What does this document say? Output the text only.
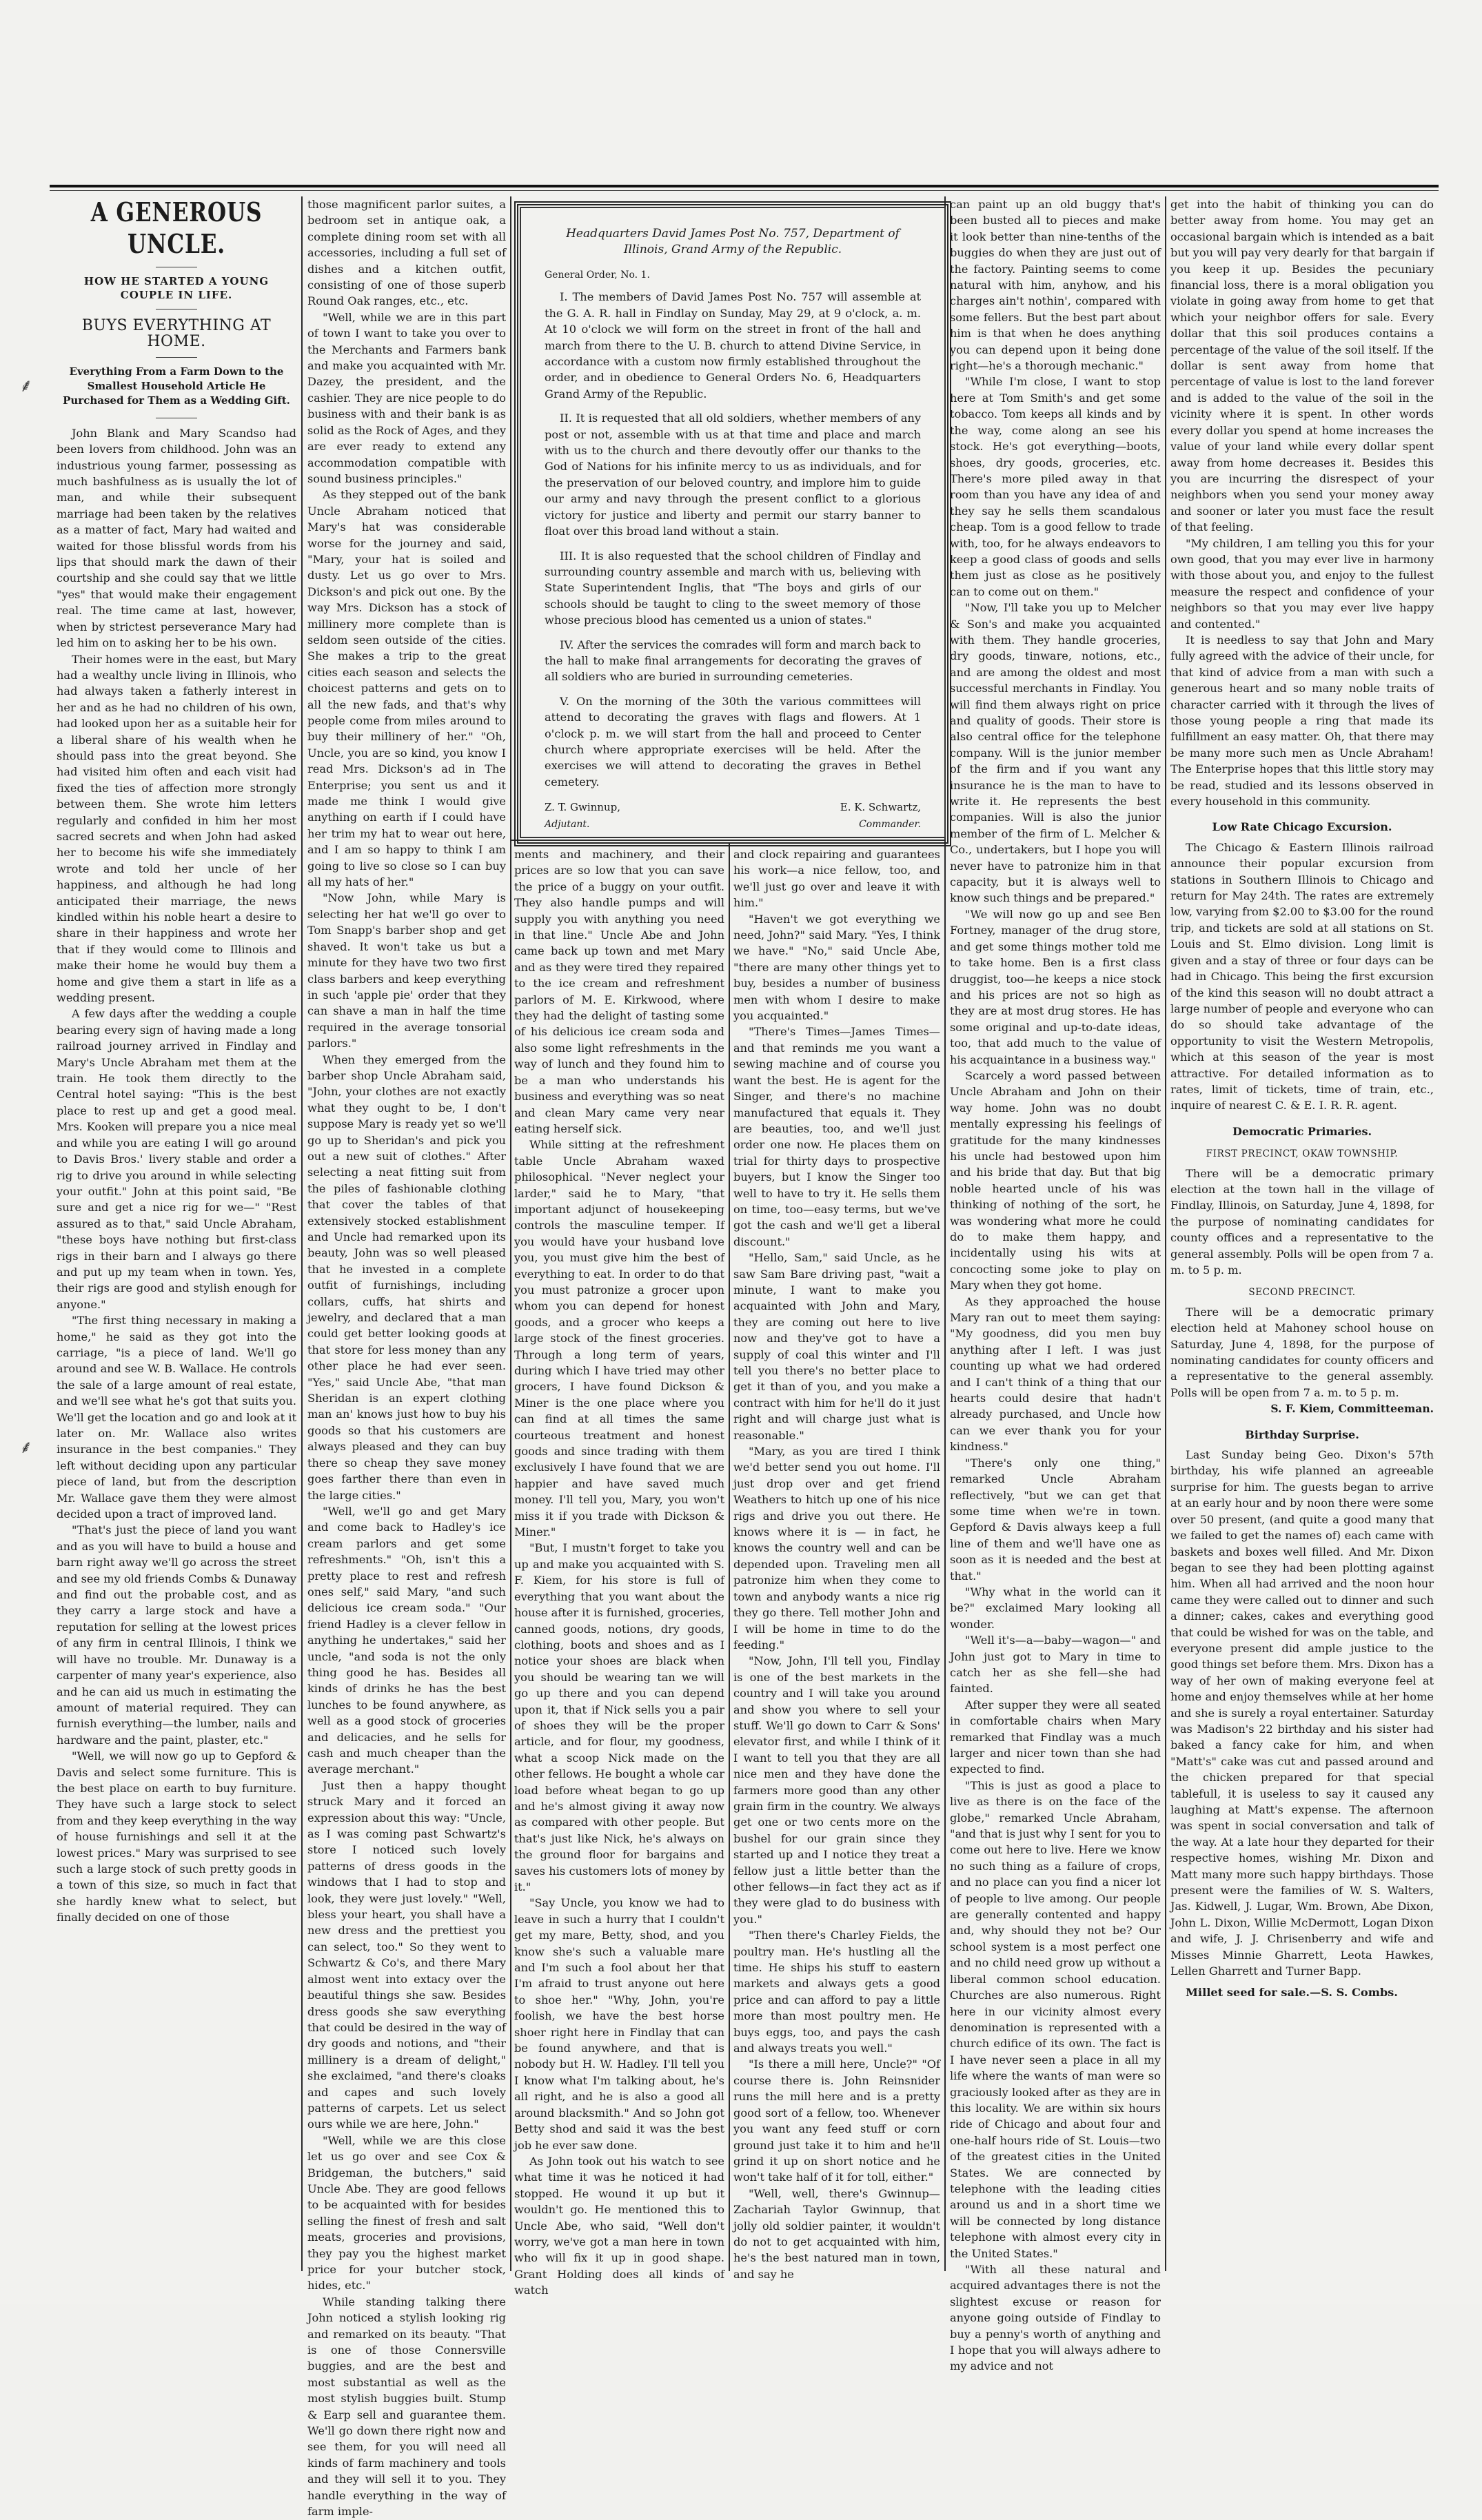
⸙
⸙
A GENEROUS UNCLE.
HOW HE STARTED A YOUNG COUPLE IN LIFE.
BUYS EVERYTHING AT HOME.
Everything From a Farm Down to the Smallest Household Article He Purchased for Them as a Wedding Gift.

John Blank and Mary Scandso had been lovers from childhood. John was an industrious young farmer, possessing as much bashfulness as is usually the lot of man, and while their subsequent marriage had been taken by the relatives as a matter of fact, Mary had waited and waited for those blissful words from his lips that should mark the dawn of their courtship and she could say that we little "yes" that would make their engagement real. The time came at last, however, when by strictest perseverance Mary had led him on to asking her to be his own.

Their homes were in the east, but Mary had a wealthy uncle living in Illinois, who had always taken a fatherly interest in her and as he had no children of his own, had looked upon her as a suitable heir for a liberal share of his wealth when he should pass into the great beyond. She had visited him often and each visit had fixed the ties of affection more strongly between them. She wrote him letters regularly and confided in him her most sacred secrets and when John had asked her to become his wife she immediately wrote and told her uncle of her happiness, and although he had long anticipated their marriage, the news kindled within his noble heart a desire to share in their happiness and wrote her that if they would come to Illinois and make their home he would buy them a home and give them a start in life as a wedding present.

A few days after the wedding a couple bearing every sign of having made a long railroad journey arrived in Findlay and Mary's Uncle Abraham met them at the train. He took them directly to the Central hotel saying: "This is the best place to rest up and get a good meal. Mrs. Kooken will prepare you a nice meal and while you are eating I will go around to Davis Bros.' livery stable and order a rig to drive you around in while selecting your outfit." John at this point said, "Be sure and get a nice rig for we—" "Rest assured as to that," said Uncle Abraham, "these boys have nothing but first-class rigs in their barn and I always go there and put up my team when in town. Yes, their rigs are good and stylish enough for anyone."

"The first thing necessary in making a home," he said as they got into the carriage, "is a piece of land. We'll go around and see W. B. Wallace. He controls the sale of a large amount of real estate, and we'll see what he's got that suits you. We'll get the location and go and look at it later on. Mr. Wallace also writes insurance in the best companies." They left without deciding upon any particular piece of land, but from the description Mr. Wallace gave them they were almost decided upon a tract of improved land.

"That's just the piece of land you want and as you will have to build a house and barn right away we'll go across the street and see my old friends Combs & Dunaway and find out the probable cost, and as they carry a large stock and have a reputation for selling at the lowest prices of any firm in central Illinois, I think we will have no trouble. Mr. Dunaway is a carpenter of many year's experience, also and he can aid us much in estimating the amount of material required. They can furnish everything—the lumber, nails and hardware and the paint, plaster, etc."

"Well, we will now go up to Gepford & Davis and select some furniture. This is the best place on earth to buy furniture. They have such a large stock to select from and they keep everything in the way of house furnishings and sell it at the lowest prices." Mary was surprised to see such a large stock of such pretty goods in a town of this size, so much in fact that she hardly knew what to select, but finally decided on one of those

those magnificent parlor suites, a bedroom set in antique oak, a complete dining room set with all accessories, including a full set of dishes and a kitchen outfit, consisting of one of those superb Round Oak ranges, etc., etc.

"Well, while we are in this part of town I want to take you over to the Merchants and Farmers bank and make you acquainted with Mr. Dazey, the president, and the cashier. They are nice people to do business with and their bank is as solid as the Rock of Ages, and they are ever ready to extend any accommodation compatible with sound business principles."

As they stepped out of the bank Uncle Abraham noticed that Mary's hat was considerable worse for the journey and said, "Mary, your hat is soiled and dusty. Let us go over to Mrs. Dickson's and pick out one. By the way Mrs. Dickson has a stock of millinery more complete than is seldom seen outside of the cities. She makes a trip to the great cities each season and selects the choicest patterns and gets on to all the new fads, and that's why people come from miles around to buy their millinery of her." "Oh, Uncle, you are so kind, you know I read Mrs. Dickson's ad in The Enterprise; you sent us and it made me think I would give anything on earth if I could have her trim my hat to wear out here, and I am so happy to think I am going to live so close so I can buy all my hats of her."

"Now John, while Mary is selecting her hat we'll go over to Tom Snapp's barber shop and get shaved. It won't take us but a minute for they have two two first class barbers and keep everything in such 'apple pie' order that they can shave a man in half the time required in the average tonsorial parlors."

When they emerged from the barber shop Uncle Abraham said, "John, your clothes are not exactly what they ought to be, I don't suppose Mary is ready yet so we'll go up to Sheridan's and pick you out a new suit of clothes." After selecting a neat fitting suit from the piles of fashionable clothing that cover the tables of that extensively stocked establishment and Uncle had remarked upon its beauty, John was so well pleased that he invested in a complete outfit of furnishings, including collars, cuffs, hat shirts and jewelry, and declared that a man could get better looking goods at that store for less money than any other place he had ever seen. "Yes," said Uncle Abe, "that man Sheridan is an expert clothing man an' knows just how to buy his goods so that his customers are always pleased and they can buy there so cheap they save money goes farther there than even in the large cities."

"Well, we'll go and get Mary and come back to Hadley's ice cream parlors and get some refreshments." "Oh, isn't this a pretty place to rest and refresh ones self," said Mary, "and such delicious ice cream soda." "Our friend Hadley is a clever fellow in anything he undertakes," said her uncle, "and soda is not the only thing good he has. Besides all kinds of drinks he has the best lunches to be found anywhere, as well as a good stock of groceries and delicacies, and he sells for cash and much cheaper than the average merchant."

Just then a happy thought struck Mary and it forced an expression about this way: "Uncle, as I was coming past Schwartz's store I noticed such lovely patterns of dress goods in the windows that I had to stop and look, they were just lovely." "Well, bless your heart, you shall have a new dress and the prettiest you can select, too." So they went to Schwartz & Co's, and there Mary almost went into extacy over the beautiful things she saw. Besides dress goods she saw everything that could be desired in the way of dry goods and notions, and "their millinery is a dream of delight," she exclaimed, "and there's cloaks and capes and such lovely patterns of carpets. Let us select ours while we are here, John."

"Well, while we are this close let us go over and see Cox & Bridgeman, the butchers," said Uncle Abe. They are good fellows to be acquainted with for besides selling the finest of fresh and salt meats, groceries and provisions, they pay you the highest market price for your butcher stock, hides, etc."

While standing talking there John noticed a stylish looking rig and remarked on its beauty. "That is one of those Connersville buggies, and are the best and most substantial as well as the most stylish buggies built. Stump & Earp sell and guarantee them. We'll go down there right now and see them, for you will need all kinds of farm machinery and tools and they will sell it to you. They handle everything in the way of farm imple-

Headquarters David James Post No. 757, Department of Illinois, Grand Army of the Republic.
General Order, No. 1.

I. The members of David James Post No. 757 will assemble at the G. A. R. hall in Findlay on Sunday, May 29, at 9 o'clock, a. m. At 10 o'clock we will form on the street in front of the hall and march from there to the U. B. church to attend Divine Service, in accordance with a custom now firmly established throughout the order, and in obedience to General Orders No. 6, Headquarters Grand Army of the Republic.

II. It is requested that all old soldiers, whether members of any post or not, assemble with us at that time and place and march with us to the church and there devoutly offer our thanks to the God of Nations for his infinite mercy to us as individuals, and for the preservation of our beloved country, and implore him to guide our army and navy through the present conflict to a glorious victory for justice and liberty and permit our starry banner to float over this broad land without a stain.

III. It is also requested that the school children of Findlay and surrounding country assemble and march with us, believing with State Superintendent Inglis, that "The boys and girls of our schools should be taught to cling to the sweet memory of those whose precious blood has cemented us a union of states."

IV. After the services the comrades will form and march back to the hall to make final arrangements for decorating the graves of all soldiers who are buried in surrounding cemeteries.

V. On the morning of the 30th the various committees will attend to decorating the graves with flags and flowers. At 1 o'clock p. m. we will start from the hall and proceed to Center church where appropriate exercises will be held. After the exercises we will attend to decorating the graves in Bethel cemetery.

Z. T. Gwinnup,
Adjutant.
E. K. Schwartz,
Commander.

ments and machinery, and their prices are so low that you can save the price of a buggy on your outfit. They also handle pumps and will supply you with anything you need in that line." Uncle Abe and John came back up town and met Mary and as they were tired they repaired to the ice cream and refreshment parlors of M. E. Kirkwood, where they had the delight of tasting some of his delicious ice cream soda and also some light refreshments in the way of lunch and they found him to be a man who understands his business and everything was so neat and clean Mary came very near eating herself sick.

While sitting at the refreshment table Uncle Abraham waxed philosophical. "Never neglect your larder," said he to Mary, "that important adjunct of housekeeping controls the masculine temper. If you would have your husband love you, you must give him the best of everything to eat. In order to do that you must patronize a grocer upon whom you can depend for honest goods, and a grocer who keeps a large stock of the finest groceries. Through a long term of years, during which I have tried may other grocers, I have found Dickson & Miner is the one place where you can find at all times the same courteous treatment and honest goods and since trading with them exclusively I have found that we are happier and have saved much money. I'll tell you, Mary, you won't miss it if you trade with Dickson & Miner."

"But, I mustn't forget to take you up and make you acquainted with S. F. Kiem, for his store is full of everything that you want about the house after it is furnished, groceries, canned goods, notions, dry goods, clothing, boots and shoes and as I notice your shoes are black when you should be wearing tan we will go up there and you can depend upon it, that if Nick sells you a pair of shoes they will be the proper article, and for flour, my goodness, what a scoop Nick made on the other fellows. He bought a whole car load before wheat began to go up and he's almost giving it away now as compared with other people. But that's just like Nick, he's always on the ground floor for bargains and saves his customers lots of money by it."

"Say Uncle, you know we had to leave in such a hurry that I couldn't get my mare, Betty, shod, and you know she's such a valuable mare and I'm such a fool about her that I'm afraid to trust anyone out here to shoe her." "Why, John, you're foolish, we have the best horse shoer right here in Findlay that can be found anywhere, and that is nobody but H. W. Hadley. I'll tell you I know what I'm talking about, he's all right, and he is also a good all around blacksmith." And so John got Betty shod and said it was the best job he ever saw done.

As John took out his watch to see what time it was he noticed it had stopped. He wound it up but it wouldn't go. He mentioned this to Uncle Abe, who said, "Well don't worry, we've got a man here in town who will fix it up in good shape. Grant Holding does all kinds of watch

and clock repairing and guarantees his work—a nice fellow, too, and we'll just go over and leave it with him."

"Haven't we got everything we need, John?" said Mary. "Yes, I think we have." "No," said Uncle Abe, "there are many other things yet to buy, besides a number of business men with whom I desire to make you acquainted."

"There's Times—James Times—and that reminds me you want a sewing machine and of course you want the best. He is agent for the Singer, and there's no machine manufactured that equals it. They are beauties, too, and we'll just order one now. He places them on trial for thirty days to prospective buyers, but I know the Singer too well to have to try it. He sells them on time, too—easy terms, but we've got the cash and we'll get a liberal discount."

"Hello, Sam," said Uncle, as he saw Sam Bare driving past, "wait a minute, I want to make you acquainted with John and Mary, they are coming out here to live now and they've got to have a supply of coal this winter and I'll tell you there's no better place to get it than of you, and you make a contract with him for he'll do it just right and will charge just what is reasonable."

"Mary, as you are tired I think we'd better send you out home. I'll just drop over and get friend Weathers to hitch up one of his nice rigs and drive you out there. He knows where it is — in fact, he knows the country well and can be depended upon. Traveling men all patronize him when they come to town and anybody wants a nice rig they go there. Tell mother John and I will be home in time to do the feeding."

"Now, John, I'll tell you, Findlay is one of the best markets in the country and I will take you around and show you where to sell your stuff. We'll go down to Carr & Sons' elevator first, and while I think of it I want to tell you that they are all nice men and they have done the farmers more good than any other grain firm in the country. We always get one or two cents more on the bushel for our grain since they started up and I notice they treat a fellow just a little better than the other fellows—in fact they act as if they were glad to do business with you."

"Then there's Charley Fields, the poultry man. He's hustling all the time. He ships his stuff to eastern markets and always gets a good price and can afford to pay a little more than most poultry men. He buys eggs, too, and pays the cash and always treats you well."

"Is there a mill here, Uncle?" "Of course there is. John Reinsnider runs the mill here and is a pretty good sort of a fellow, too. Whenever you want any feed stuff or corn ground just take it to him and he'll grind it up on short notice and he won't take half of it for toll, either."

"Well, well, there's Gwinnup—Zachariah Taylor Gwinnup, that jolly old soldier painter, it wouldn't do not to get acquainted with him, he's the best natured man in town, and say he

can paint up an old buggy that's been busted all to pieces and make it look better than nine-tenths of the buggies do when they are just out of the factory. Painting seems to come natural with him, anyhow, and his charges ain't nothin', compared with some fellers. But the best part about him is that when he does anything you can depend upon it being done right—he's a thorough mechanic."

"While I'm close, I want to stop here at Tom Smith's and get some tobacco. Tom keeps all kinds and by the way, come along an see his stock. He's got everything—boots, shoes, dry goods, groceries, etc. There's more piled away in that room than you have any idea of and they say he sells them scandalous cheap. Tom is a good fellow to trade with, too, for he always endeavors to keep a good class of goods and sells them just as close as he positively can to come out on them."

"Now, I'll take you up to Melcher & Son's and make you acquainted with them. They handle groceries, dry goods, tinware, notions, etc., and are among the oldest and most successful merchants in Findlay. You will find them always right on price and quality of goods. Their store is also central office for the telephone company. Will is the junior member of the firm and if you want any insurance he is the man to have to write it. He represents the best companies. Will is also the junior member of the firm of L. Melcher & Co., undertakers, but I hope you will never have to patronize him in that capacity, but it is always well to know such things and be prepared."

"We will now go up and see Ben Fortney, manager of the drug store, and get some things mother told me to take home. Ben is a first class druggist, too—he keeps a nice stock and his prices are not so high as they are at most drug stores. He has some original and up-to-date ideas, too, that add much to the value of his acquaintance in a business way."

Scarcely a word passed between Uncle Abraham and John on their way home. John was no doubt mentally expressing his feelings of gratitude for the many kindnesses his uncle had bestowed upon him and his bride that day. But that big noble hearted uncle of his was thinking of nothing of the sort, he was wondering what more he could do to make them happy, and incidentally using his wits at concocting some joke to play on Mary when they got home.

As they approached the house Mary ran out to meet them saying: "My goodness, did you men buy anything after I left. I was just counting up what we had ordered and I can't think of a thing that our hearts could desire that hadn't already purchased, and Uncle how can we ever thank you for your kindness."

"There's only one thing," remarked Uncle Abraham reflectively, "but we can get that some time when we're in town. Gepford & Davis always keep a full line of them and we'll have one as soon as it is needed and the best at that."

"Why what in the world can it be?" exclaimed Mary looking all wonder.

"Well it's—a—baby—wagon—" and John just got to Mary in time to catch her as she fell—she had fainted.

After supper they were all seated in comfortable chairs when Mary remarked that Findlay was a much larger and nicer town than she had expected to find.

"This is just as good a place to live as there is on the face of the globe," remarked Uncle Abraham, "and that is just why I sent for you to come out here to live. Here we know no such thing as a failure of crops, and no place can you find a nicer lot of people to live among. Our people are generally contented and happy and, why should they not be? Our school system is a most perfect one and no child need grow up without a liberal common school education. Churches are also numerous. Right here in our vicinity almost every denomination is represented with a church edifice of its own. The fact is I have never seen a place in all my life where the wants of man were so graciously looked after as they are in this locality. We are within six hours ride of Chicago and about four and one-half hours ride of St. Louis—two of the greatest cities in the United States. We are connected by telephone with the leading cities around us and in a short time we will be connected by long distance telephone with almost every city in the United States."

"With all these natural and acquired advantages there is not the slightest excuse or reason for anyone going outside of Findlay to buy a penny's worth of anything and I hope that you will always adhere to my advice and not

get into the habit of thinking you can do better away from home. You may get an occasional bargain which is intended as a bait but you will pay very dearly for that bargain if you keep it up. Besides the pecuniary financial loss, there is a moral obligation you violate in going away from home to get that which your neighbor offers for sale. Every dollar that this soil produces contains a percentage of the value of the soil itself. If the dollar is sent away from home that percentage of value is lost to the land forever and is added to the value of the soil in the vicinity where it is spent. In other words every dollar you spend at home increases the value of your land while every dollar spent away from home decreases it. Besides this you are incurring the disrespect of your neighbors when you send your money away and sooner or later you must face the result of that feeling.

"My children, I am telling you this for your own good, that you may ever live in harmony with those about you, and enjoy to the fullest measure the respect and confidence of your neighbors so that you may ever live happy and contented."

It is needless to say that John and Mary fully agreed with the advice of their uncle, for that kind of advice from a man with such a generous heart and so many noble traits of character carried with it through the lives of those young people a ring that made its fulfillment an easy matter. Oh, that there may be many more such men as Uncle Abraham! The Enterprise hopes that this little story may be read, studied and its lessons observed in every household in this community.

Low Rate Chicago Excursion.

The Chicago & Eastern Illinois railroad announce their popular excursion from stations in Southern Illinois to Chicago and return for May 24th. The rates are extremely low, varying from $2.00 to $3.00 for the round trip, and tickets are sold at all stations on St. Louis and St. Elmo division. Long limit is given and a stay of three or four days can be had in Chicago. This being the first excursion of the kind this season will no doubt attract a large number of people and everyone who can do so should take advantage of the opportunity to visit the Western Metropolis, which at this season of the year is most attractive. For detailed information as to rates, limit of tickets, time of train, etc., inquire of nearest C. & E. I. R. R. agent.

Democratic Primaries.
FIRST PRECINCT, OKAW TOWNSHIP.

There will be a democratic primary election at the town hall in the village of Findlay, Illinois, on Saturday, June 4, 1898, for the purpose of nominating candidates for county offices and a representative to the general assembly. Polls will be open from 7 a. m. to 5 p. m.

SECOND PRECINCT.

There will be a democratic primary election held at Mahoney school house on Saturday, June 4, 1898, for the purpose of nominating candidates for county officers and a representative to the general assembly. Polls will be open from 7 a. m. to 5 p. m.

S. F. Kiem, Committeeman.
Birthday Surprise.

Last Sunday being Geo. Dixon's 57th birthday, his wife planned an agreeable surprise for him. The guests began to arrive at an early hour and by noon there were some over 50 present, (and quite a good many that we failed to get the names of) each came with baskets and boxes well filled. And Mr. Dixon began to see they had been plotting against him. When all had arrived and the noon hour came they were called out to dinner and such a dinner; cakes, cakes and everything good that could be wished for was on the table, and everyone present did ample justice to the good things set before them. Mrs. Dixon has a way of her own of making everyone feel at home and enjoy themselves while at her home and she is surely a royal entertainer. Saturday was Madison's 22 birthday and his sister had baked a fancy cake for him, and when "Matt's" cake was cut and passed around and the chicken prepared for that special tablefull, it is useless to say it caused any laughing at Matt's expense. The afternoon was spent in social conversation and talk of the way. At a late hour they departed for their respective homes, wishing Mr. Dixon and Matt many more such happy birthdays. Those present were the families of W. S. Walters, Jas. Kidwell, J. Lugar, Wm. Brown, Abe Dixon, John L. Dixon, Willie McDermott, Logan Dixon and wife, J. J. Chrisenberry and wife and Misses Minnie Gharrett, Leota Hawkes, Lellen Gharrett and Turner Bapp.

Millet seed for sale.—S. S. Combs.
